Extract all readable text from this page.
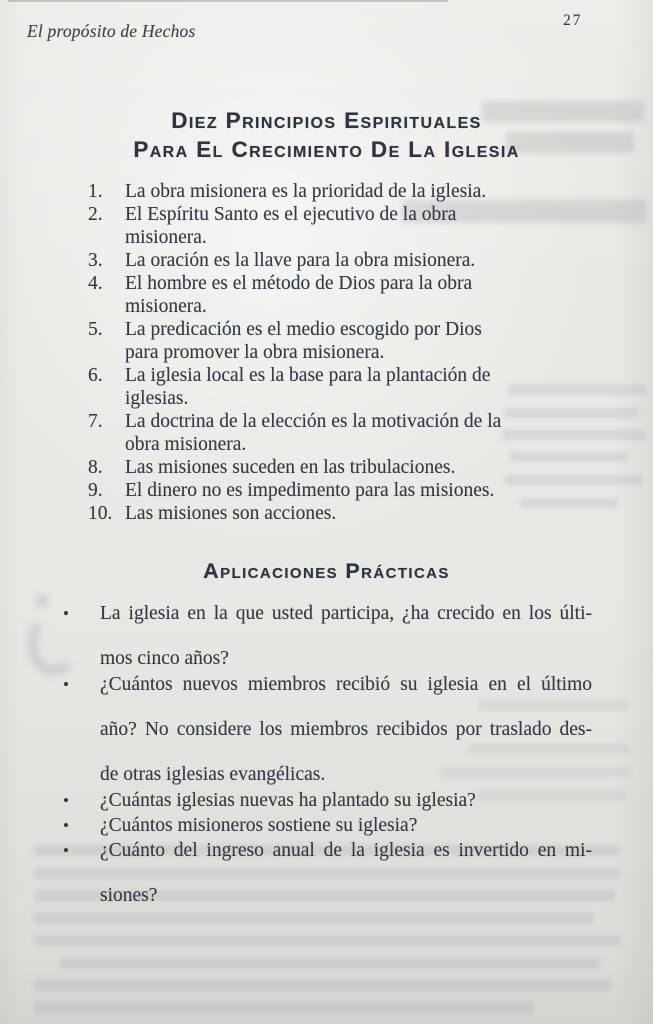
El propósito de Hechos
27
Diez Principios Espirituales
Para El Crecimiento De La Iglesia
1.	La obra misionera es la prioridad de la iglesia.
2.	El Espíritu Santo es el ejecutivo de la obra
misionera.
3.	La oración es la llave para la obra misionera.
4.	El hombre es el método de Dios para la obra
misionera.
5.	La predicación es el medio escogido por Dios
para promover la obra misionera.
6.	La iglesia local es la base para la plantación de
iglesias.
7.	La doctrina de la elección es la motivación de la
obra misionera.
8.	Las misiones suceden en las tribulaciones.
9.	El dinero no es impedimento para las misiones.
10. Las misiones son acciones.
Aplicaciones Prácticas
•	La iglesia en la que usted participa, ¿ha crecido en los últi-
mos cinco años?
•	¿Cuántos nuevos miembros recibió su iglesia en el último
año? No considere los miembros recibidos por traslado des-
de otras iglesias evangélicas.
•	¿Cuántas iglesias nuevas ha plantado su iglesia?
•	¿Cuántos misioneros sostiene su iglesia?
•	¿Cuánto del ingreso anual de la iglesia es invertido en mi-
siones?
